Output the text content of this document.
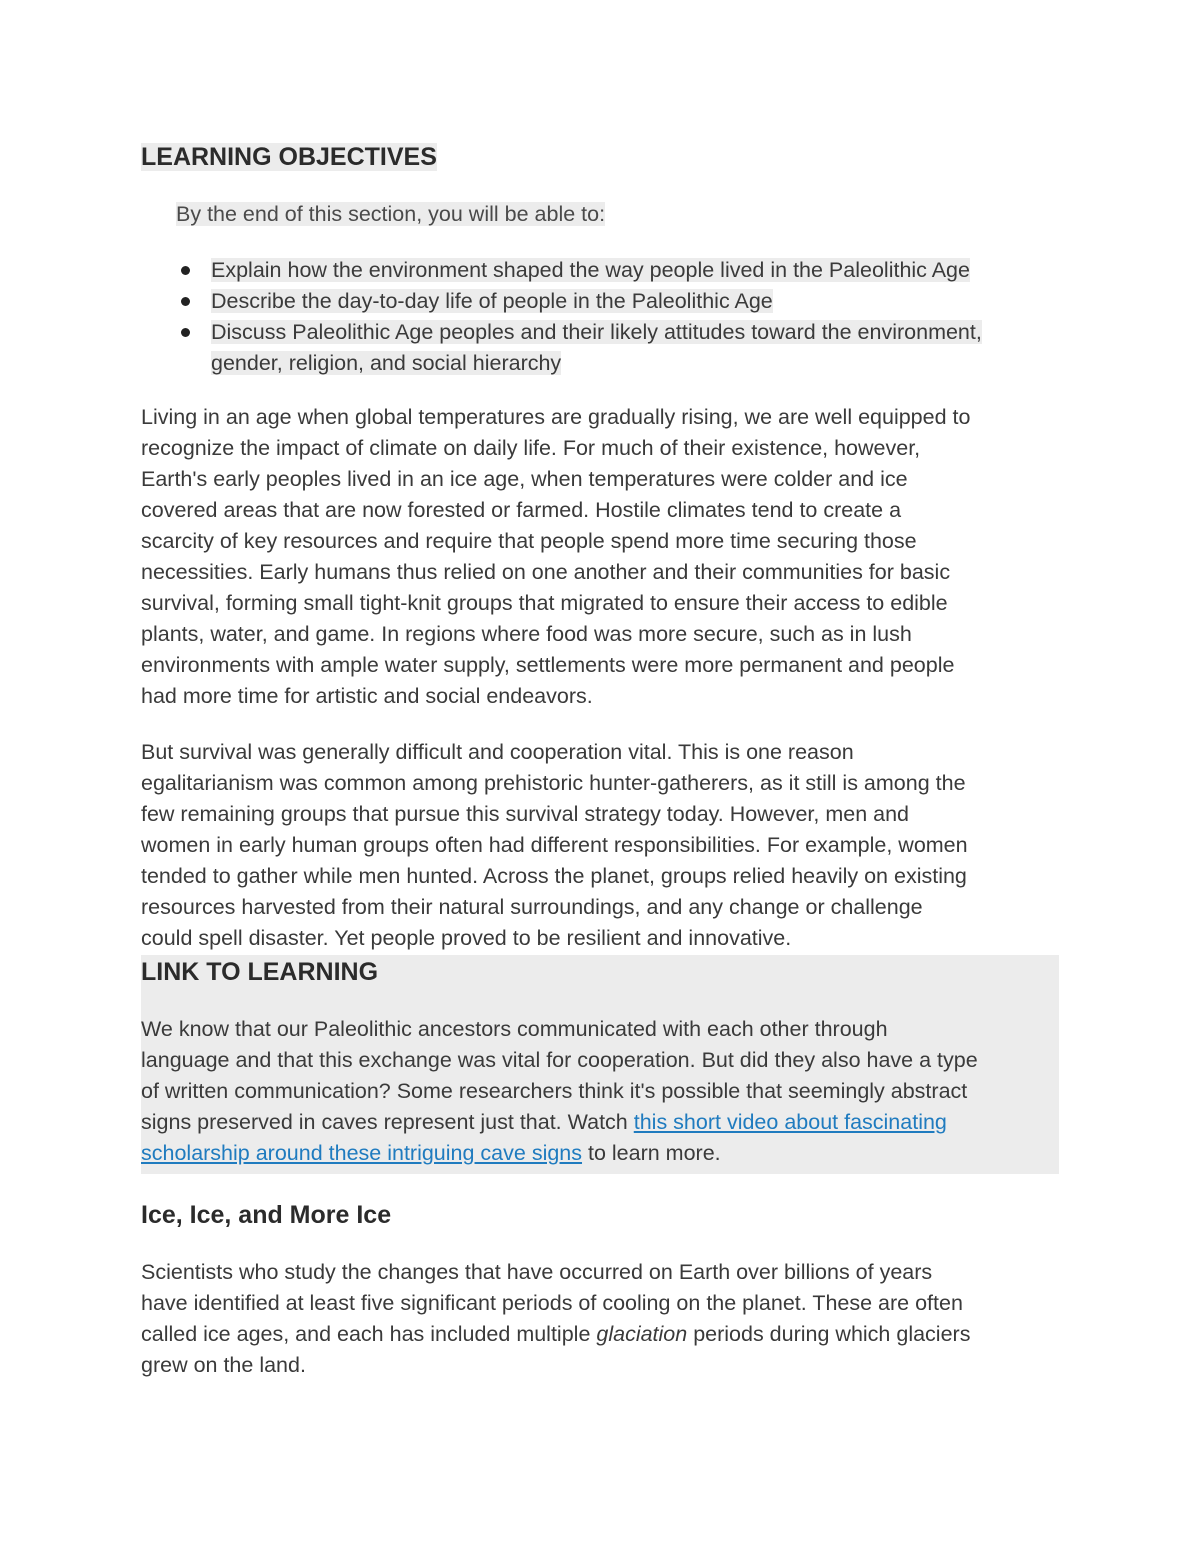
LEARNING OBJECTIVES

By the end of this section, you will be able to:

Explain how the environment shaped the way people lived in the Paleolithic Age
Describe the day-to-day life of people in the Paleolithic Age
Discuss Paleolithic Age peoples and their likely attitudes toward the environment,
gender, religion, and social hierarchy

Living in an age when global temperatures are gradually rising, we are well equipped to
recognize the impact of climate on daily life. For much of their existence, however,
Earth's early peoples lived in an ice age, when temperatures were colder and ice
covered areas that are now forested or farmed. Hostile climates tend to create a
scarcity of key resources and require that people spend more time securing those
necessities. Early humans thus relied on one another and their communities for basic
survival, forming small tight-knit groups that migrated to ensure their access to edible
plants, water, and game. In regions where food was more secure, such as in lush
environments with ample water supply, settlements were more permanent and people
had more time for artistic and social endeavors.

But survival was generally difficult and cooperation vital. This is one reason
egalitarianism was common among prehistoric hunter-gatherers, as it still is among the
few remaining groups that pursue this survival strategy today. However, men and
women in early human groups often had different responsibilities. For example, women
tended to gather while men hunted. Across the planet, groups relied heavily on existing
resources harvested from their natural surroundings, and any change or challenge
could spell disaster. Yet people proved to be resilient and innovative.

LINK TO LEARNING

We know that our Paleolithic ancestors communicated with each other through
language and that this exchange was vital for cooperation. But did they also have a type
of written communication? Some researchers think it's possible that seemingly abstract
signs preserved in caves represent just that. Watch this short video about fascinating
scholarship around these intriguing cave signs to learn more.

Ice, Ice, and More Ice

Scientists who study the changes that have occurred on Earth over billions of years
have identified at least five significant periods of cooling on the planet. These are often
called ice ages, and each has included multiple glaciation periods during which glaciers
grew on the land.
